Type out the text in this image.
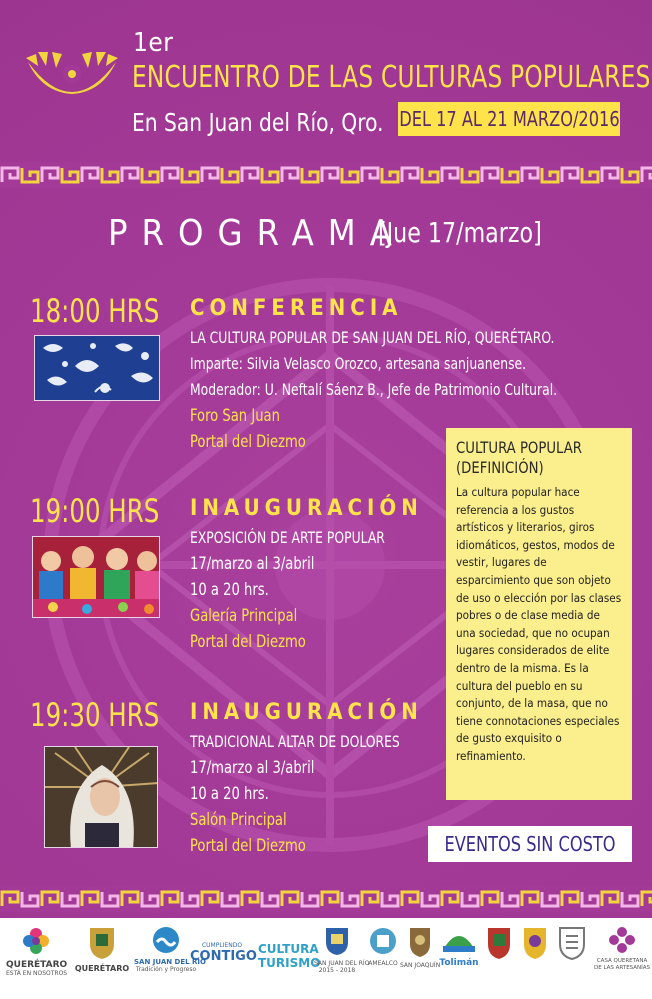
1er
ENCUENTRO DE LAS CULTURAS POPULARES
En San Juan del Río, Qro. DEL 17 AL 21 MARZO/2016
PROGRAMA
[Jue 17/marzo]
18:00 HRS CONFERENCIA
LA CULTURA POPULAR DE SAN JUAN DEL RÍO, QUERÉTARO.
Imparte: Silvia Velasco Orozco, artesana sanjuanense.
Moderador: U. Neftalí Sáenz B., Jefe de Patrimonio Cultural.
Foro San Juan
Portal del Diezmo
19:00 HRS INAUGURACIÓN
EXPOSICIÓN DE ARTE POPULAR
17/marzo al 3/abril
10 a 20 hrs.
Galería Principal
Portal del Diezmo
19:30 HRS INAUGURACIÓN
TRADICIONAL ALTAR DE DOLORES
17/marzo al 3/abril
10 a 20 hrs.
Salón Principal
Portal del Diezmo
CULTURA POPULAR
(DEFINICIÓN)
La cultura popular hace referencia a los gustos artísticos y literarios, giros idiomáticos, gestos, modos de vestir, lugares de esparcimiento que son objeto de uso o elección por las clases pobres o de clase media de una sociedad, que no ocupan lugares considerados de elite dentro de la misma. Es la cultura del pueblo en su conjunto, de la masa, que no tiene connotaciones especiales de gusto exquisito o refinamiento.
EVENTOS SIN COSTO
QUERÉTARO
ESTÁ EN NOSOTROS
QUERÉTARO
SAN JUAN DEL RÍO
Tradición y Progreso
CUMPLIENDO
CONTIGO CULTURA
TURISMO
SAN JUAN DEL RÍO
2015 - 2018
AMEALCO SAN JOAQUÍN Tolimán	CASA QUERETANA DE LAS ARTESANÍAS
